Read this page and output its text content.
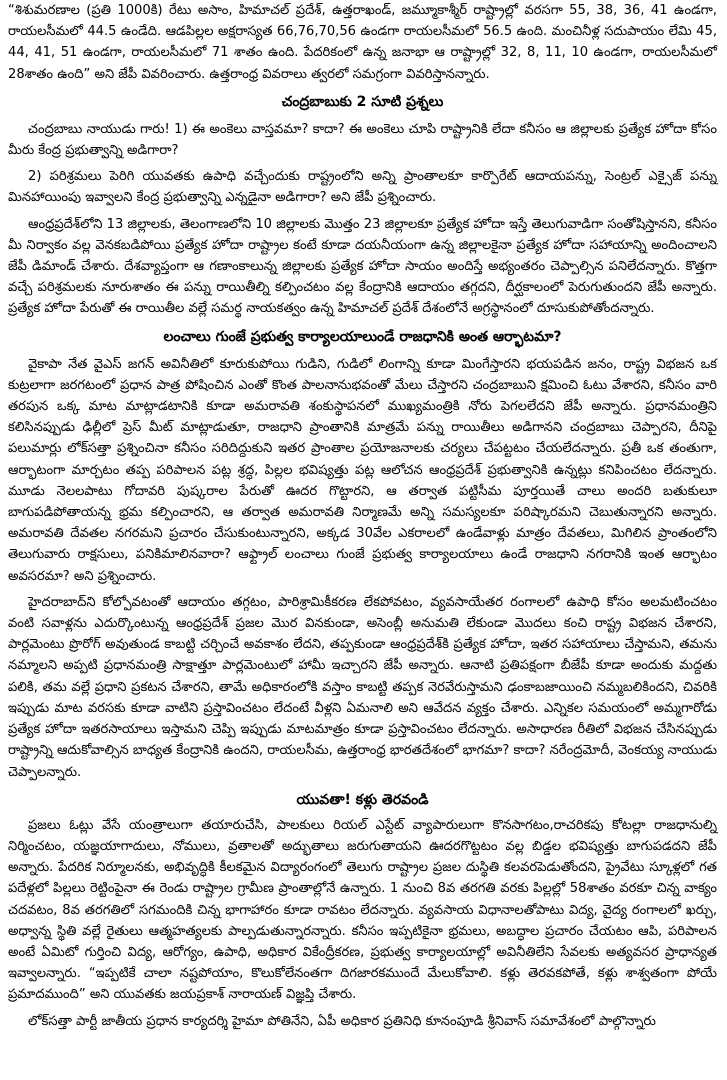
“శిశుమరణాల (ప్రతి 1000కి) రేటు అసాం, హిమాచల్ ప్రదేశ్, ఉత్తరాఖండ్, జమ్మూకాశ్మీర్ రాష్ట్రాల్లో వరసగా 55, 38, 36, 41 ఉండగా, రాయలసీమలో 44.5 ఉండేది. ఆడపిల్లల అక్షరాస్యత 66,76,70,56 ఉండగా రాయలసీమలో 56.5 ఉంది. మంచినీళ్ల సదుపాయం లేమి 45, 44, 41, 51 ఉండగా, రాయలసీమలో 71 శాతం ఉంది. పేదరికంలో ఉన్న జనాభా ఆ రాష్ట్రాల్లో 32, 8, 11, 10 ఉండగా, రాయలసీమలో 28శాతం ఉంది” అని జేపీ వివరించారు. ఉత్తరాంధ్ర వివరాలు త్వరలో సమగ్రంగా వివరిస్తానన్నారు.

చంద్రబాబుకు 2 సూటి ప్రశ్నలు

చంద్రబాబు నాయుడు గారు! 1) ఈ అంకెలు వాస్తవమా? కాదా? ఈ అంకెలు చూపి రాష్ట్రానికి లేదా కనీసం ఆ జిల్లాలకు ప్రత్యేక హోదా కోసం మీరు కేంద్ర ప్రభుత్వాన్ని అడిగారా?

2) పరిశ్రమలు పెరిగి యువతకు ఉపాధి వచ్చేందుకు రాష్ట్రంలోని అన్ని ప్రాంతాలకూ కార్పొరేట్ ఆదాయపన్ను, సెంట్రల్ ఎక్సైజ్ పన్ను మినహాయింపు ఇవ్వాలని కేంద్ర ప్రభుత్వాన్ని ఎన్నడైనా అడిగారా? అని జేపీ ప్రశ్నించారు.

ఆంధ్రప్రదేశ్‌లోని 13 జిల్లాలకు, తెలంగాణలోని 10 జిల్లాలకు మొత్తం 23 జిల్లాలకూ ప్రత్యేక హోదా ఇస్తే తెలుగువాడిగా సంతోషిస్తానని, కనీసం మీ నిర్వాకం వల్ల వెనకబడిపోయి ప్రత్యేక హోదా రాష్ట్రాల కంటే కూడా దయనీయంగా ఉన్న జిల్లాలకైనా ప్రత్యేక హోదా సహాయాన్ని అందించాలని జేపీ డిమాండ్ చేశారు. దేశవ్యాప్తంగా ఆ గణాంకాలున్న జిల్లాలకు ప్రత్యేక హోదా సాయం అందిస్తే అభ్యంతరం చెప్పాల్సిన పనిలేదన్నారు. కొత్తగా వచ్చే పరిశ్రమలకు నూరుశాతం ఈ పన్ను రాయితీల్ని కల్పించటం వల్ల కేంద్రానికి ఆదాయం తగ్గదని, దీర్ఘకాలంలో పెరుగుతుందని జేపీ అన్నారు. ప్రత్యేక హోదా పేరుతో ఈ రాయితీల వల్లే సమర్థ నాయకత్వం ఉన్న హిమాచల్ ప్రదేశ్ దేశంలోనే అగ్రస్థానంలో దూసుకుపోతోందన్నారు.

లంచాలు గుంజే ప్రభుత్వ కార్యాలయాలుండే రాజధానికి అంత ఆర్భాటమా?

వైకాపా నేత వైఎస్ జగన్ అవినీతిలో కూరుకుపోయి గుడిని, గుడిలో లింగాన్ని కూడా మింగేస్తారని భయపడిన జనం, రాష్ట్ర విభజన ఒక కుట్రలాగా జరగటంలో ప్రధాన పాత్ర పోషించిన ఎంతో కొంత పాలనానుభవంతో మేలు చేస్తారని చంద్రబాబుని క్షమించి ఓటు వేశారని, కనీసం వారి తరపున ఒక్క మాట మాట్లాడటానికి కూడా అమరావతి శంకుస్థాపనలో ముఖ్యమంత్రికి నోరు పెగలలేదని జేపీ అన్నారు. ప్రధానమంత్రిని కలిసినప్పుడు ఢిల్లీలో ప్రెస్ మీట్ మాట్లాడుతూ, రాజధాని ప్రాంతానికి మాత్రమే పన్ను రాయితీలు అడిగానని చంద్రబాబు చెప్పారని, దీనిపై పలుమార్లు లోక్‌సత్తా ప్రశ్నించినా కనీసం సరిదిద్దుకుని ఇతర ప్రాంతాల ప్రయోజనాలకు చర్యలు చేపట్టటం చేయలేదన్నారు. ప్రతీ ఒక తంతుగా, ఆర్భాటంగా మార్చటం తప్ప పరిపాలన పట్ల శ్రద్ధ, పిల్లల భవిష్యత్తు పట్ల ఆలోచన ఆంధ్రప్రదేశ్ ప్రభుత్వానికి ఉన్నట్లు కనిపించటం లేదన్నారు. మూడు నెలలపాటు గోదావరి పుష్కరాల పేరుతో ఊదర గొట్టారని, ఆ తర్వాత పట్టిసీమ పూర్తయితే చాలు అందరి బతుకులూ బాగుపడిపోతాయన్న భ్రమ కల్పించారని, ఆ తర్వాత అమరావతి నిర్మాణమే అన్ని సమస్యలకూ పరిష్కారమని చెబుతున్నారని అన్నారు. అమరావతి దేవతల నగరమని ప్రచారం చేసుకుంటున్నారని, అక్కడ 30వేల ఎకరాలలో ఉండేవాళ్లు మాత్రం దేవతలు, మిగిలిన ప్రాంతంలోని తెలుగువారు రాక్షసులు, పనికిమాలినవారా? ఆఫ్ట్రాల్ లంచాలు గుంజే ప్రభుత్వ కార్యాలయాలు ఉండే రాజధాని నగరానికి ఇంత ఆర్భాటం అవసరమా? అని ప్రశ్నించారు.

హైదరాబాద్‌ని కోల్పోవటంతో ఆదాయం తగ్గటం, పారిశ్రామికీకరణ లేకపోవటం, వ్యవసాయేతర రంగాలలో ఉపాధి కోసం అలమటించటం వంటి సవాళ్లను ఎదుర్కొంటున్న ఆంధ్రప్రదేశ్ ప్రజల మొర వినకుండా, అసెంబ్లీ అనుమతి లేకుండా మొదలు కంచి రాష్ట్ర విభజన చేశారని, పార్లమెంటు ప్రొరోగ్ అవుతుండ కాబట్టి చర్చించే అవకాశం లేదని, తప్పకుండా ఆంధ్రప్రదేశ్‌కి ప్రత్యేక హోదా, ఇతర సహాయాలు చేస్తామని, తమను నమ్మాలని అప్పటి ప్రధానమంత్రి సాక్షాత్తూ పార్లమెంటులో హామీ ఇచ్చారని జేపీ అన్నారు. ఆనాటి ప్రతిపక్షంగా బీజేపీ కూడా అందుకు మద్దతు పలికి, తమ వల్లే ప్రధాని ప్రకటన చేశారని, తామే అధికారంలోకి వస్తాం కాబట్టి తప్పక నెరవేరుస్తామని ఢంకాబజాయించి నమ్మబలికిందని, చివరికి ఇప్పుడు మాట వరసకు కూడా వాటిని ప్రస్తావించటం లేదంటే వీళ్లని ఏమనాలి అని ఆవేదన వ్యక్తం చేశారు. ఎన్నికల సమయంలో అమ్మగారోడు ప్రత్యేక హోదా ఇతరసాయాలు ఇస్తామని చెప్పి ఇప్పుడు మాటమాత్రం కూడా ప్రస్తావించటం లేదన్నారు. అసాధారణ రీతిలో విభజన చేసినప్పుడు రాష్ట్రాన్ని ఆదుకోవాల్సిన బాధ్యత కేంద్రానికి ఉందని, రాయలసీమ, ఉత్తరాంధ్ర భారతదేశంలో భాగమా? కాదా? నరేంద్రమోదీ, వెంకయ్య నాయుడు చెప్పాలన్నారు.

యువతా! కళ్లు తెరవండి

ప్రజలు ఓట్లు వేసే యంత్రాలుగా తయారుచేసి, పాలకులు రియల్ ఎస్టేట్ వ్యాపారులుగా కొనసాగటం,రాచరికపు కోటల్లా రాజధానుల్ని నిర్మించటం, యజ్ఞయాగాదులు, నోములు, వ్రతాలతో అద్భుతాలు జరుగుతాయని ఊదరగొట్టటం వల్ల బిడ్డల భవిష్యత్తు బాగుపడదని జేపీ అన్నారు. పేదరిక నిర్మూలనకు, అభివృద్ధికి కీలకమైన విద్యారంగంలో తెలుగు రాష్ట్రాల ప్రజల దుస్థితి కలవరపెడుతోందని, ప్రైవేటు స్కూళ్లలో గత పదేళ్లలో పిల్లలు రెట్టింపైనా ఈ రెండు రాష్ట్రాల గ్రామీణ ప్రాంతాల్లోనే ఉన్నారు. 1 నుంచి 8వ తరగతి వరకు పిల్లల్లో 58శాతం వరకూ చిన్న వాక్యం చదవటం, 8వ తరగతిలో సగమందికి చిన్న భాగాహారం కూడా రావటం లేదన్నారు. వ్యవసాయ విధానాలతోపాటు విద్య, వైద్య రంగాలలో ఖర్చు, అధ్వాన్న స్థితి వల్లే రైతులు ఆత్మహత్యలకు పాల్పడుతున్నారన్నారు. కనీసం ఇప్పటికైనా భ్రమలు, అబద్ధాల ప్రచారం చేయటం ఆపి, పరిపాలన అంటే ఏమిటో గుర్తించి విద్య, ఆరోగ్యం, ఉపాధి, అధికార వికేంద్రీకరణ, ప్రభుత్వ కార్యాలయాల్లో అవినీతిలేని సేవలకు అత్యవసర ప్రాధాన్యత ఇవ్వాలన్నారు. “ఇప్పటికే చాలా నష్టపోయాం, కొలుకోలేనంతగా దిగజారకముందే మేలుకోవాలి. కళ్లు తెరవకపోతే, కళ్లు శాశ్వతంగా పోయే ప్రమాదముంది” అని యువతకు జయప్రకాశ్ నారాయణ్ విజ్ఞప్తి చేశారు.

లోక్‌సత్తా పార్టీ జాతీయ ప్రధాన కార్యదర్శి హైమా పోతినేని, ఏపీ అధికార ప్రతినిధి కూనంపూడి శ్రీనివాస్ సమావేశంలో పాల్గొన్నారు
